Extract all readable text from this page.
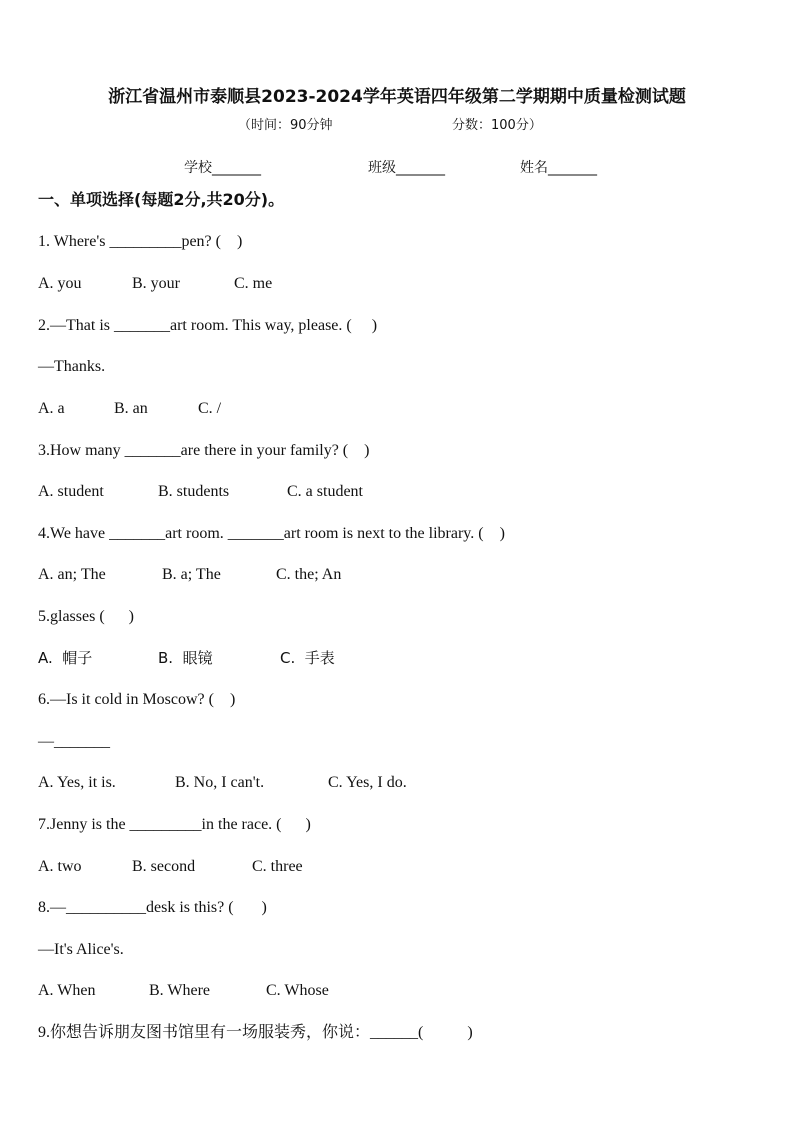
浙江省温州市泰顺县2023-2024学年英语四年级第二学期期中质量检测试题
（时间：90分钟	分数：100分）
学校_______	班级_______	姓名_______
一、单项选择(每题2分,共20分)。
1. Where's _________pen? (    )
A. you	B. your	C. me
2.—That is _______art room. This way, please. (     )
—Thanks.
A. a	B. an	C. /
3.How many _______are there in your family? (    )
A. student	B. students	C. a student
4.We have _______art room. _______art room is next to the library. (    )
A. an; The	B. a; The	C. the; An
5.glasses (      )
A.  帽子	B.  眼镜	C.  手表
6.—Is it cold in Moscow? (    )
—_______
A. Yes, it is.	B. No, I can't.	C. Yes, I do.
7.Jenny is the _________in the race. (      )
A. two	B. second	C. three
8.—__________desk is this? (       )
—It's Alice's.
A. When	B. Where	C. Whose
9.你想告诉朋友图书馆里有一场服装秀，你说：______(           )
